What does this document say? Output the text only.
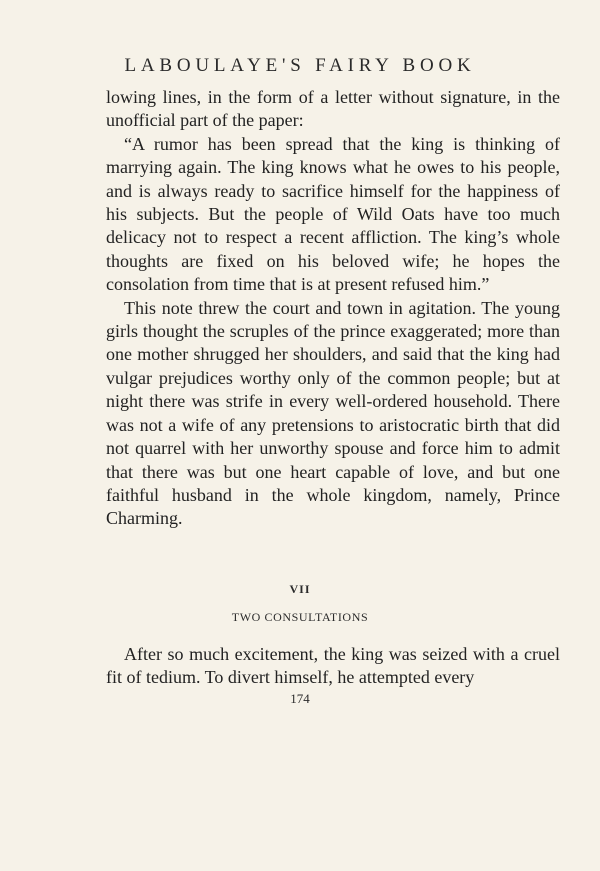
LABOULAYE'S FAIRY BOOK

lowing lines, in the form of a letter without signature, in the unofficial part of the paper:

“A rumor has been spread that the king is thinking of marrying again. The king knows what he owes to his people, and is always ready to sacrifice himself for the happiness of his subjects. But the people of Wild Oats have too much delicacy not to respect a recent affliction. The king’s whole thoughts are fixed on his beloved wife; he hopes the consolation from time that is at present refused him.”

This note threw the court and town in agitation. The young girls thought the scruples of the prince exaggerated; more than one mother shrugged her shoulders, and said that the king had vulgar prejudices worthy only of the common people; but at night there was strife in every well-ordered household. There was not a wife of any pretensions to aristocratic birth that did not quarrel with her unworthy spouse and force him to admit that there was but one heart capable of love, and but one faithful husband in the whole kingdom, namely, Prince Charming.

VII
TWO CONSULTATIONS

After so much excitement, the king was seized with a cruel fit of tedium. To divert himself, he attempted every

174
